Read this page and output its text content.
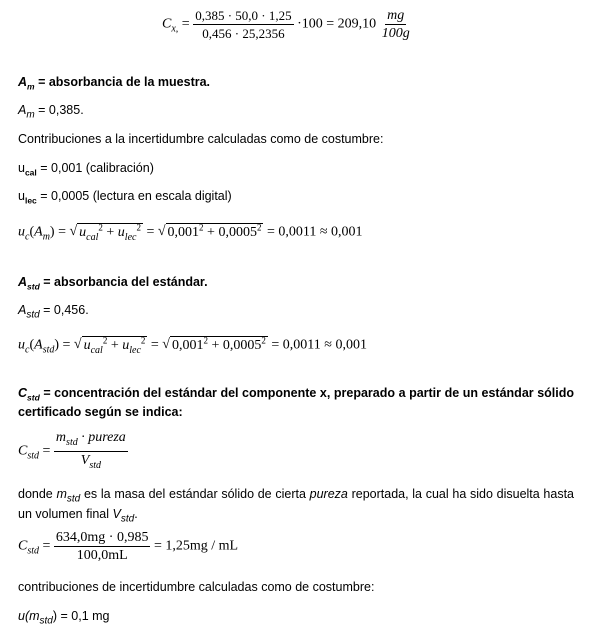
$C_{x,} = \frac{0,385 \cdot 50,0 \cdot 1,25}{0,456 \cdot 25,2356} \cdot 100 = 209,10 \frac{mg}{100g}$
$A_m$ = absorbancia de la muestra.
$A_m = 0,385$.
Contribuciones a la incertidumbre calculadas como de costumbre:
$u_{cal} = 0,001$ (calibración)
$u_{lec} = 0,0005$ (lectura en escala digital)
$u_c(A_m)$ = √ $u_{cal}^2 + u_{lec}^2$ = √ $0,001^2 + 0,0005^2 = 0,0011 \approx 0,001$
$A_{std}$ = absorbancia del estándar.
$A_{std} = 0,456$.
$u_c(A_{std})$ = √ $u_{cal}^2 + u_{lec}^2$ = √ $0,001^2 + 0,0005^2 = 0,0011 \approx 0,001$
$C_{std}$ = concentración del estándar del componente x, preparado a partir de un estándar sólido certificado según se indica:
$C_{std} = \frac{m_{std} \cdot pureza}{V_{std}}$
donde $m_{std}$ es la masa del estándar sólido de cierta pureza reportada, la cual ha sido disuelta hasta un volumen final $V_{std}$.
$C_{std} = \frac{634,0mg \cdot 0,985}{100,0mL} = 1,25mg$ / mL
contribuciones de incertidumbre calculadas como de costumbre:
$u(m_{std}) = 0,1$ mg
